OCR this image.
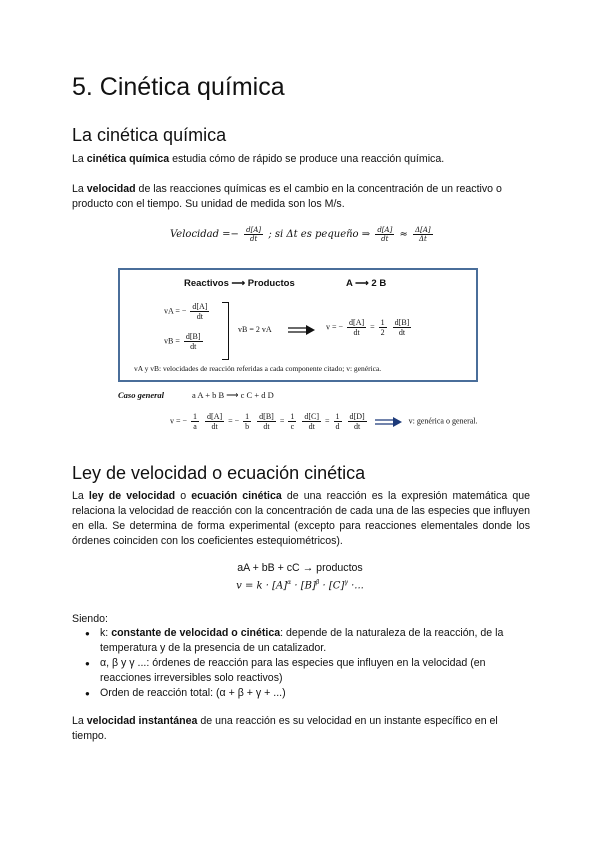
5. Cinética química
La cinética química

La cinética química estudia cómo de rápido se produce una reacción química.

La velocidad de las reacciones químicas es el cambio en la concentración de un reactivo o producto con el tiempo. Su unidad de medida son los M/s.

Velocidad =− $\frac{d[A]}{dt}$ ; si Δt es pequeño ⇒ $\frac{d[A]}{dt} \approx \frac{\Delta[A]}{\Delta t}$
Reactivos ⟶ Productos	A ⟶ 2 B
vA = − $\frac{d[A]}{dt}$
vB = $\frac{d[B]}{dt}$
vB = 2 vA	v = − $\frac{d[A]}{dt} = \frac{1}{2}$
$\frac{d[B]}{dt}$
vA y vB: velocidades de reacción referidas a cada componente citado; v: genérica.
Caso general	a A + b B ⟶ c C + d D
v = − $\frac{1}{a}$
$\frac{d[A]}{dt}$ = − $\frac{1}{b}$
$\frac{d[B]}{dt} = \frac{1}{c}$
$\frac{d[C]}{dt} = \frac{1}{d}$
$\frac{d[D]}{dt}$	v: genérica o general.
Ley de velocidad o ecuación cinética

La ley de velocidad o ecuación cinética de una reacción es la expresión matemática que relaciona la velocidad de reacción con la concentración de cada una de las especies que influyen en ella. Se determina de forma experimental (excepto para reacciones elementales donde los órdenes coinciden con los coeficientes estequiométricos).

aA + bB + cC → productos
$v = k \cdot [A]^\alpha \cdot [B]^\beta \cdot [C]^\gamma$ ·...

Siendo:

● k: constante de velocidad o cinética: depende de la naturaleza de la reacción, de la temperatura y de la presencia de un catalizador.
● α, β y γ ...: órdenes de reacción para las especies que influyen en la velocidad (en reacciones irreversibles solo reactivos)
● Orden de reacción total: (α + β + γ + ...)

La velocidad instantánea de una reacción es su velocidad en un instante específico en el tiempo.
